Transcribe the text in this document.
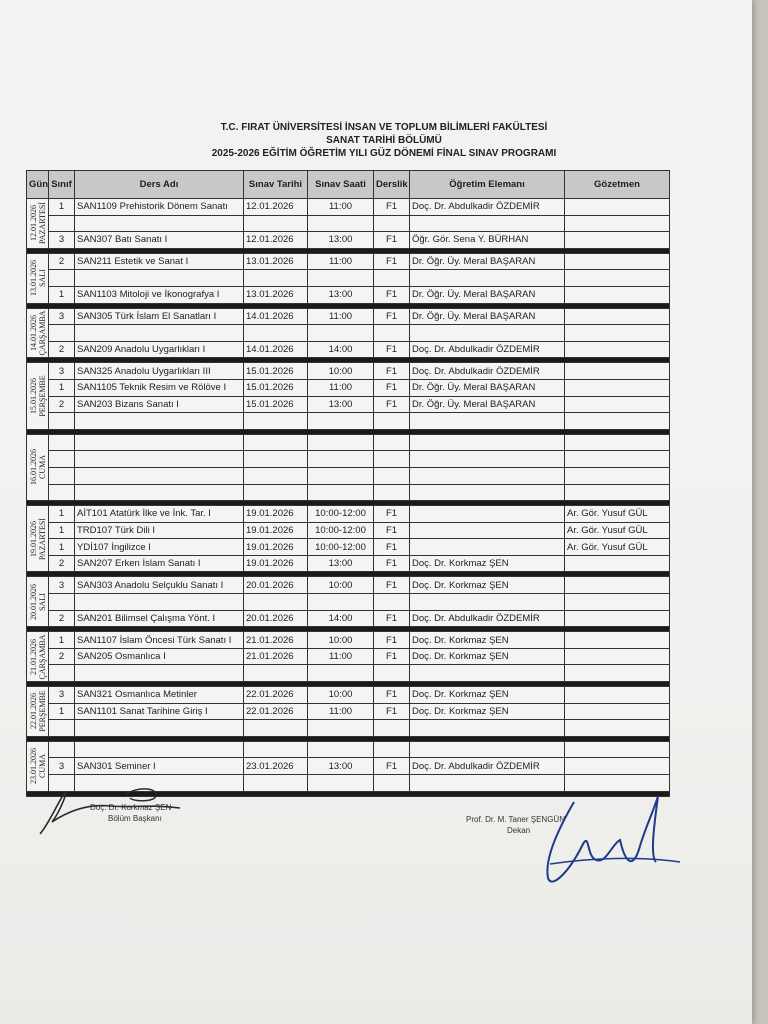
T.C. FIRAT ÜNİVERSİTESİ İNSAN VE TOPLUM BİLİMLERİ FAKÜLTESİ
SANAT TARİHİ BÖLÜMÜ
2025-2026 EĞİTİM ÖĞRETİM YILI GÜZ DÖNEMİ FİNAL SINAV PROGRAMI
Gün	Sınıf	Ders Adı	Sınav Tarihi	Sınav Saati	Derslik	Öğretim Elemanı	Gözetmen

12.01.2026 PAZARTESİ	1	SAN1109 Prehistorik Dönem Sanatı	12.01.2026	11:00	F1	Doç. Dr. Abdulkadir ÖZDEMİR	

	3	SAN307 Batı Sanatı I	12.01.2026	13:00	F1	Öğr. Gör. Sena Y. BÜRHAN	

13.01.2026 SALI	2	SAN211 Estetik ve Sanat I	13.01.2026	11:00	F1	Dr. Öğr. Üy. Meral BAŞARAN	

	1	SAN1103 Mitoloji ve İkonografya I	13.01.2026	13:00	F1	Dr. Öğr. Üy. Meral BAŞARAN	

14.01.2026 ÇARŞAMBA	3	SAN305 Türk İslam El Sanatları I	14.01.2026	11:00	F1	Dr. Öğr. Üy. Meral BAŞARAN	

	2	SAN209 Anadolu Uygarlıkları I	14.01.2026	14:00	F1	Doç. Dr. Abdulkadir ÖZDEMİR	

15.01.2026 PERŞEMBE	3	SAN325 Anadolu Uygarlıkları III	15.01.2026	10:00	F1	Doç. Dr. Abdulkadir ÖZDEMİR	
	1	SAN1105 Teknik Resim ve Rölöve I	15.01.2026	11:00	F1	Dr. Öğr. Üy. Meral BAŞARAN	
	2	SAN203 Bizans Sanatı I	15.01.2026	13:00	F1	Dr. Öğr. Üy. Meral BAŞARAN	

16.01.2026 CUMA							

19.01.2026 PAZARTESİ	1	AİT101 Atatürk İlke ve İnk. Tar. I	19.01.2026	10:00-12:00	F1		Ar. Gör. Yusuf GÜL
	1	TRD107 Türk Dili I	19.01.2026	10:00-12:00	F1		Ar. Gör. Yusuf GÜL
	1	YDİ107 İngilizce I	19.01.2026	10:00-12:00	F1		Ar. Gör. Yusuf GÜL
	2	SAN207 Erken İslam Sanatı I	19.01.2026	13:00	F1	Doç. Dr. Korkmaz ŞEN	

20.01.2026 SALI	3	SAN303 Anadolu Selçuklu Sanatı I	20.01.2026	10:00	F1	Doç. Dr. Korkmaz ŞEN	

	2	SAN201 Bilimsel Çalışma Yönt. I	20.01.2026	14:00	F1	Doç. Dr. Abdulkadir ÖZDEMİR	

21.01.2026 ÇARŞAMBA	1	SAN1107 İslam Öncesi Türk Sanatı I	21.01.2026	10:00	F1	Doç. Dr. Korkmaz ŞEN	
	2	SAN205 Osmanlıca I	21.01.2026	11:00	F1	Doç. Dr. Korkmaz ŞEN	

22.01.2026 PERŞEMBE	3	SAN321 Osmanlıca Metinler	22.01.2026	10:00	F1	Doç. Dr. Korkmaz ŞEN	
	1	SAN1101 Sanat Tarihine Giriş I	22.01.2026	11:00	F1	Doç. Dr. Korkmaz ŞEN	

23.01.2026 CUMA							

	3	SAN301 Seminer I	23.01.2026	13:00	F1	Doç. Dr. Abdulkadir ÖZDEMİR	

Doç. Dr. Korkmaz ŞEN
Bölüm Başkanı	Prof. Dr. M. Taner ŞENGÜN
Dekan
